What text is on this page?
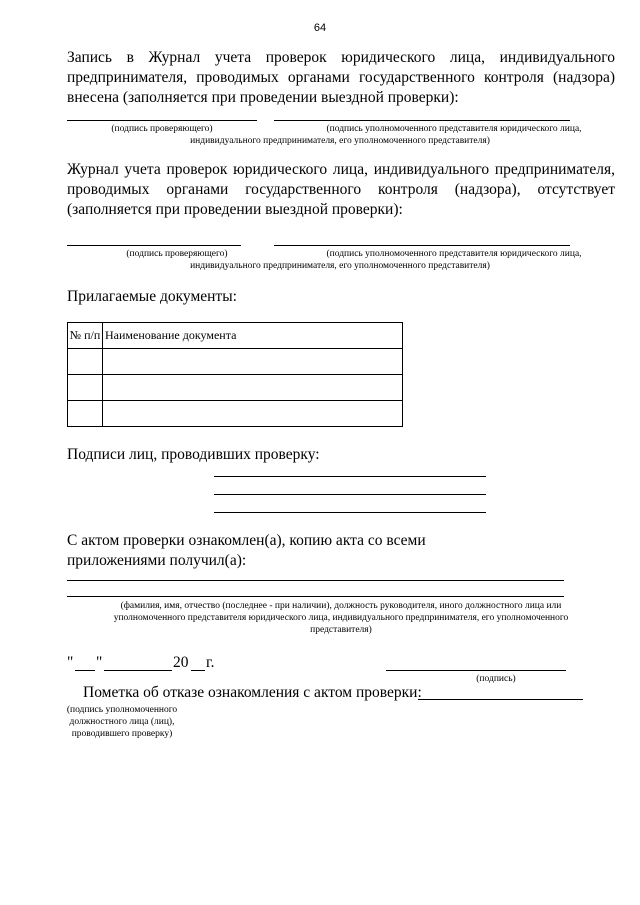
64
Запись в Журнал учета проверок юридического лица, индивидуального предпринимателя, проводимых органами государственного контроля (надзора) внесена (заполняется при проведении выездной проверки):
(подпись проверяющего)	(подпись уполномоченного представителя юридического лица,
индивидуального предпринимателя, его уполномоченного представителя)
Журнал учета проверок юридического лица, индивидуального предпринимателя, проводимых органами государственного контроля (надзора), отсутствует (заполняется при проведении выездной проверки):
(подпись проверяющего)	(подпись уполномоченного представителя юридического лица,
индивидуального предпринимателя, его уполномоченного представителя)
Прилагаемые документы:
№ п/п	Наименование документа

Подписи лиц, проводивших проверку:
С актом проверки ознакомлен(а), копию акта со всеми приложениями получил(а):
(фамилия, имя, отчество (последнее - при наличии), должность руководителя, иного должностного лица или
уполномоченного представителя юридического лица, индивидуального предпринимателя, его уполномоченного
представителя)
" "	20 г.
(подпись)
Пометка об отказе ознакомления с актом проверки:
(подпись уполномоченного
должностного лица (лиц),
проводившего проверку)
